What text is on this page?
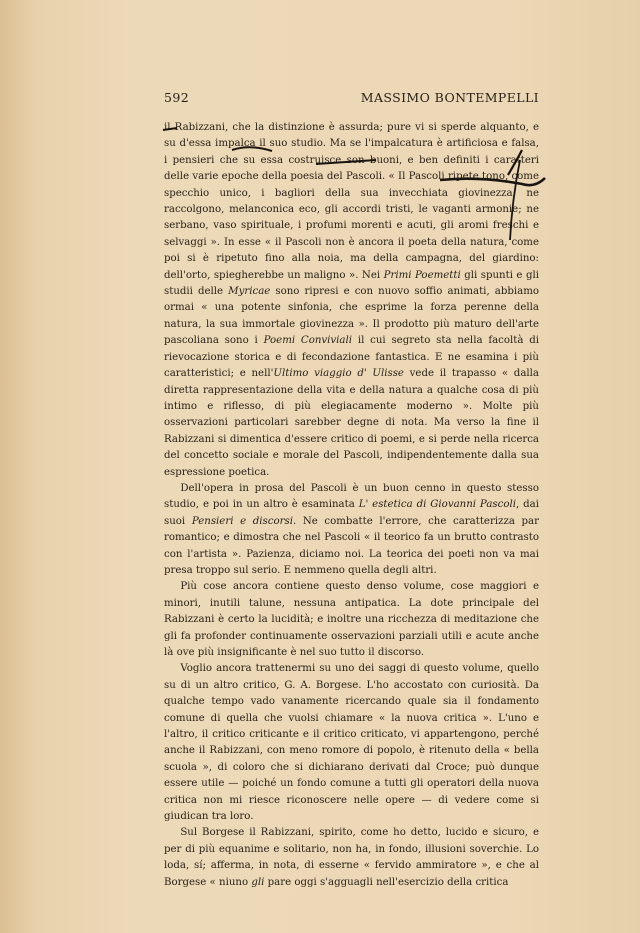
592	MASSIMO BONTEMPELLI

il Rabizzani, che la distinzione è assurda; pure vi si sperde alquanto, e su d'essa impalca il suo studio. Ma se l'impalcatura è artificiosa e falsa, i pensieri che su essa costruisce son buoni, e ben definiti i caratteri delle varie epoche della poesia del Pascoli. « Il Pascoli ripete tono, come specchio unico, i bagliori della sua invecchiata giovinezza; ne raccolgono, melanconica eco, gli accordi tristi, le vaganti armonie; ne serbano, vaso spirituale, i profumi morenti e acuti, gli aromi freschi e selvaggi ». In esse « il Pascoli non è ancora il poeta della natura, come poi si è ripetuto fino alla noia, ma della campagna, del giardino: dell'orto, spiegherebbe un maligno ». Nei Primi Poemetti gli spunti e gli studii delle Myricae sono ripresi e con nuovo soffio animati, abbiamo ormai « una potente sinfonia, che esprime la forza perenne della natura, la sua immortale giovinezza ». Il prodotto più maturo dell'arte pascoliana sono i Poemi Conviviali il cui segreto sta nella facoltà di rievocazione storica e di fecondazione fantastica. E ne esamina i più caratteristici; e nell'Ultimo viaggio d' Ulisse vede il trapasso « dalla diretta rappresentazione della vita e della natura a qualche cosa di più intimo e riflesso, di più elegiacamente moderno ». Molte più osservazioni particolari sarebber degne di nota. Ma verso la fine il Rabizzani si dimentica d'essere critico di poemi, e si perde nella ricerca del concetto sociale e morale del Pascoli, indipendentemente dalla sua espressione poetica.

Dell'opera in prosa del Pascoli è un buon cenno in questo stesso studio, e poi in un altro è esaminata L' estetica di Giovanni Pascoli, dai suoi Pensieri e discorsi. Ne combatte l'errore, che caratterizza par romantico; e dimostra che nel Pascoli « il teorico fa un brutto contrasto con l'artista ». Pazienza, diciamo noi. La teorica dei poeti non va mai presa troppo sul serio. E nemmeno quella degli altri.

Più cose ancora contiene questo denso volume, cose maggiori e minori, inutili talune, nessuna antipatica. La dote principale del Rabizzani è certo la lucidità; e inoltre una ricchezza di meditazione che gli fa profonder continuamente osservazioni parziali utili e acute anche là ove più insignificante è nel suo tutto il discorso.

Voglio ancora trattenermi su uno dei saggi di questo volume, quello su di un altro critico, G. A. Borgese. L'ho accostato con curiosità. Da qualche tempo vado vanamente ricercando quale sia il fondamento comune di quella che vuolsi chiamare « la nuova critica ». L'uno e l'altro, il critico criticante e il critico criticato, vi appartengono, perché anche il Rabizzani, con meno romore di popolo, è ritenuto della « bella scuola », di coloro che si dichiarano derivati dal Croce; può dunque essere utile — poiché un fondo comune a tutti gli operatori della nuova critica non mi riesce riconoscere nelle opere — di vedere come si giudican tra loro.

Sul Borgese il Rabizzani, spirito, come ho detto, lucido e sicuro, e per di più equanime e solitario, non ha, in fondo, illusioni soverchie. Lo loda, sí; afferma, in nota, di esserne « fervido ammiratore », e che al Borgese « niuno gli pare oggi s'agguagli nell'esercizio della critica
